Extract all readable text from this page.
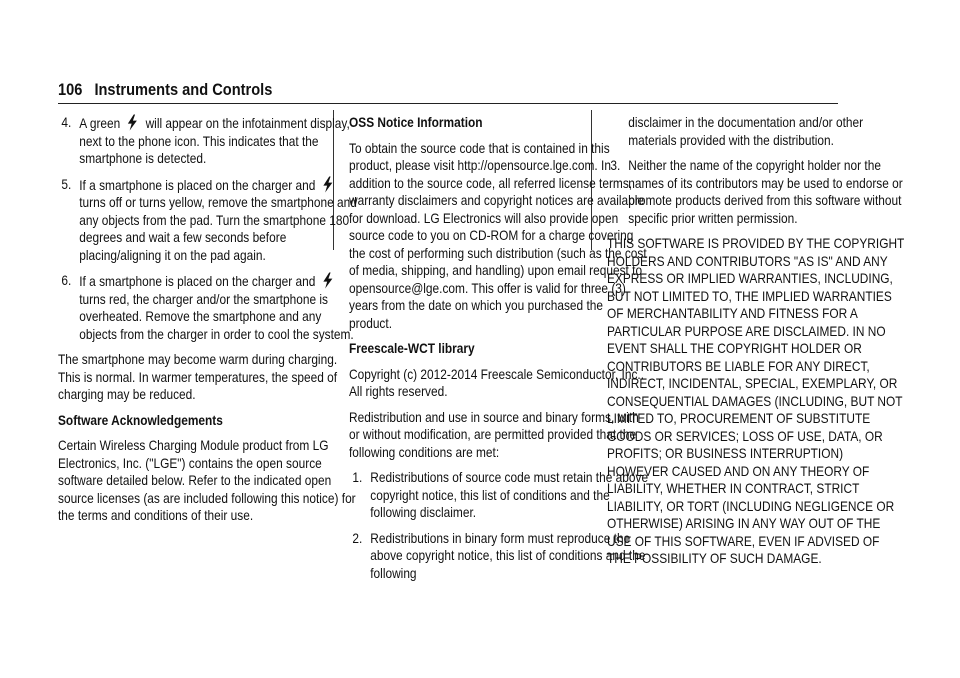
106 Instruments and Controls
4. A green will appear on the infotainment display, next to the phone icon. This indicates that the smartphone is detected.
5. If a smartphone is placed on the charger and  turns off or turns yellow, remove the smartphone and any objects from the pad. Turn the smartphone 180 degrees and wait a few seconds before placing/aligning it on the pad again.
6. If a smartphone is placed on the charger and  turns red, the charger and/or the smartphone is overheated. Remove the smartphone and any objects from the charger in order to cool the system.

The smartphone may become warm during charging. This is normal. In warmer temperatures, the speed of charging may be reduced.

Software Acknowledgements

Certain Wireless Charging Module product from LG Electronics, Inc. ("LGE") contains the open source software detailed below. Refer to the indicated open source licenses (as are included following this notice) for the terms and conditions of their use.

OSS Notice Information

To obtain the source code that is contained in this product, please visit http://opensource.lge.com. In addition to the source code, all referred license terms, warranty disclaimers and copyright notices are available for download. LG Electronics will also provide open source code to you on CD-ROM for a charge covering the cost of performing such distribution (such as the cost of media, shipping, and handling) upon email request to opensource@lge.com. This offer is valid for three (3) years from the date on which you purchased the product.

Freescale-WCT library

Copyright (c) 2012-2014 Freescale Semiconductor, Inc.. All rights reserved.

Redistribution and use in source and binary forms, with or without modification, are permitted provided that the following conditions are met:

1. Redistributions of source code must retain the above copyright notice, this list of conditions and the following disclaimer.
2. Redistributions in binary form must reproduce the above copyright notice, this list of conditions and the following
disclaimer in the documentation and/or other materials provided with the distribution.
3. Neither the name of the copyright holder nor the names of its contributors may be used to endorse or promote products derived from this software without specific prior written permission.

THIS SOFTWARE IS PROVIDED BY THE COPYRIGHT HOLDERS AND CONTRIBUTORS "AS IS" AND ANY EXPRESS OR IMPLIED WARRANTIES, INCLUDING, BUT NOT LIMITED TO, THE IMPLIED WARRANTIES OF MERCHANTABILITY AND FITNESS FOR A PARTICULAR PURPOSE ARE DISCLAIMED. IN NO EVENT SHALL THE COPYRIGHT HOLDER OR CONTRIBUTORS BE LIABLE FOR ANY DIRECT, INDIRECT, INCIDENTAL, SPECIAL, EXEMPLARY, OR CONSEQUENTIAL DAMAGES (INCLUDING, BUT NOT LIMITED TO, PROCUREMENT OF SUBSTITUTE GOODS OR SERVICES; LOSS OF USE, DATA, OR PROFITS; OR BUSINESS INTERRUPTION) HOWEVER CAUSED AND ON ANY THEORY OF LIABILITY, WHETHER IN CONTRACT, STRICT LIABILITY, OR TORT (INCLUDING NEGLIGENCE OR OTHERWISE) ARISING IN ANY WAY OUT OF THE USE OF THIS SOFTWARE, EVEN IF ADVISED OF THE POSSIBILITY OF SUCH DAMAGE.
